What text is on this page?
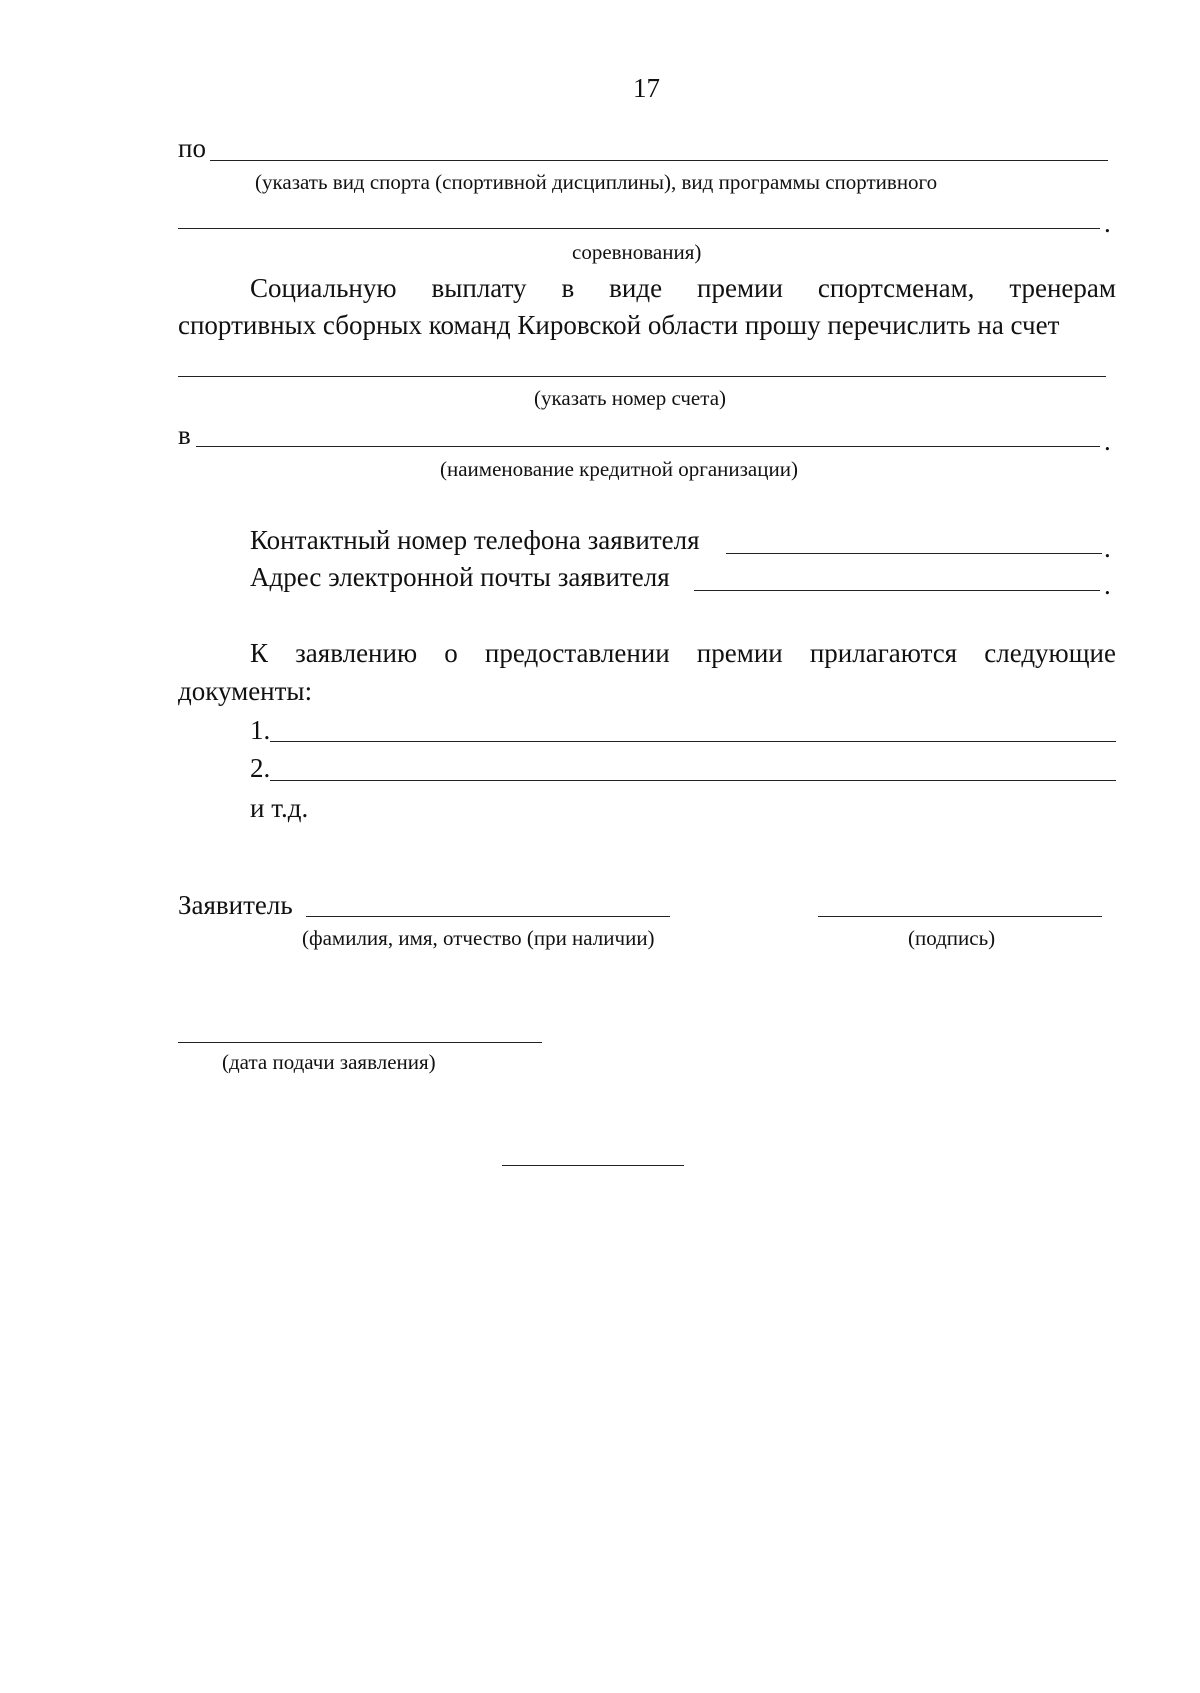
17
по
(указать вид спорта (спортивной дисциплины), вид программы спортивного
.
соревнования)
Социальную выплату в виде премии спортсменам, тренерам
спортивных сборных команд Кировской области прошу перечислить на счет
(указать номер счета)
в	.
(наименование кредитной организации)
Контактный номер телефона заявителя	.
Адрес электронной почты заявителя	.
К заявлению о предоставлении премии прилагаются следующие
документы:
1.
2.
и т.д.
Заявитель
(фамилия, имя, отчество (при наличии)	(подпись)
(дата подачи заявления)
